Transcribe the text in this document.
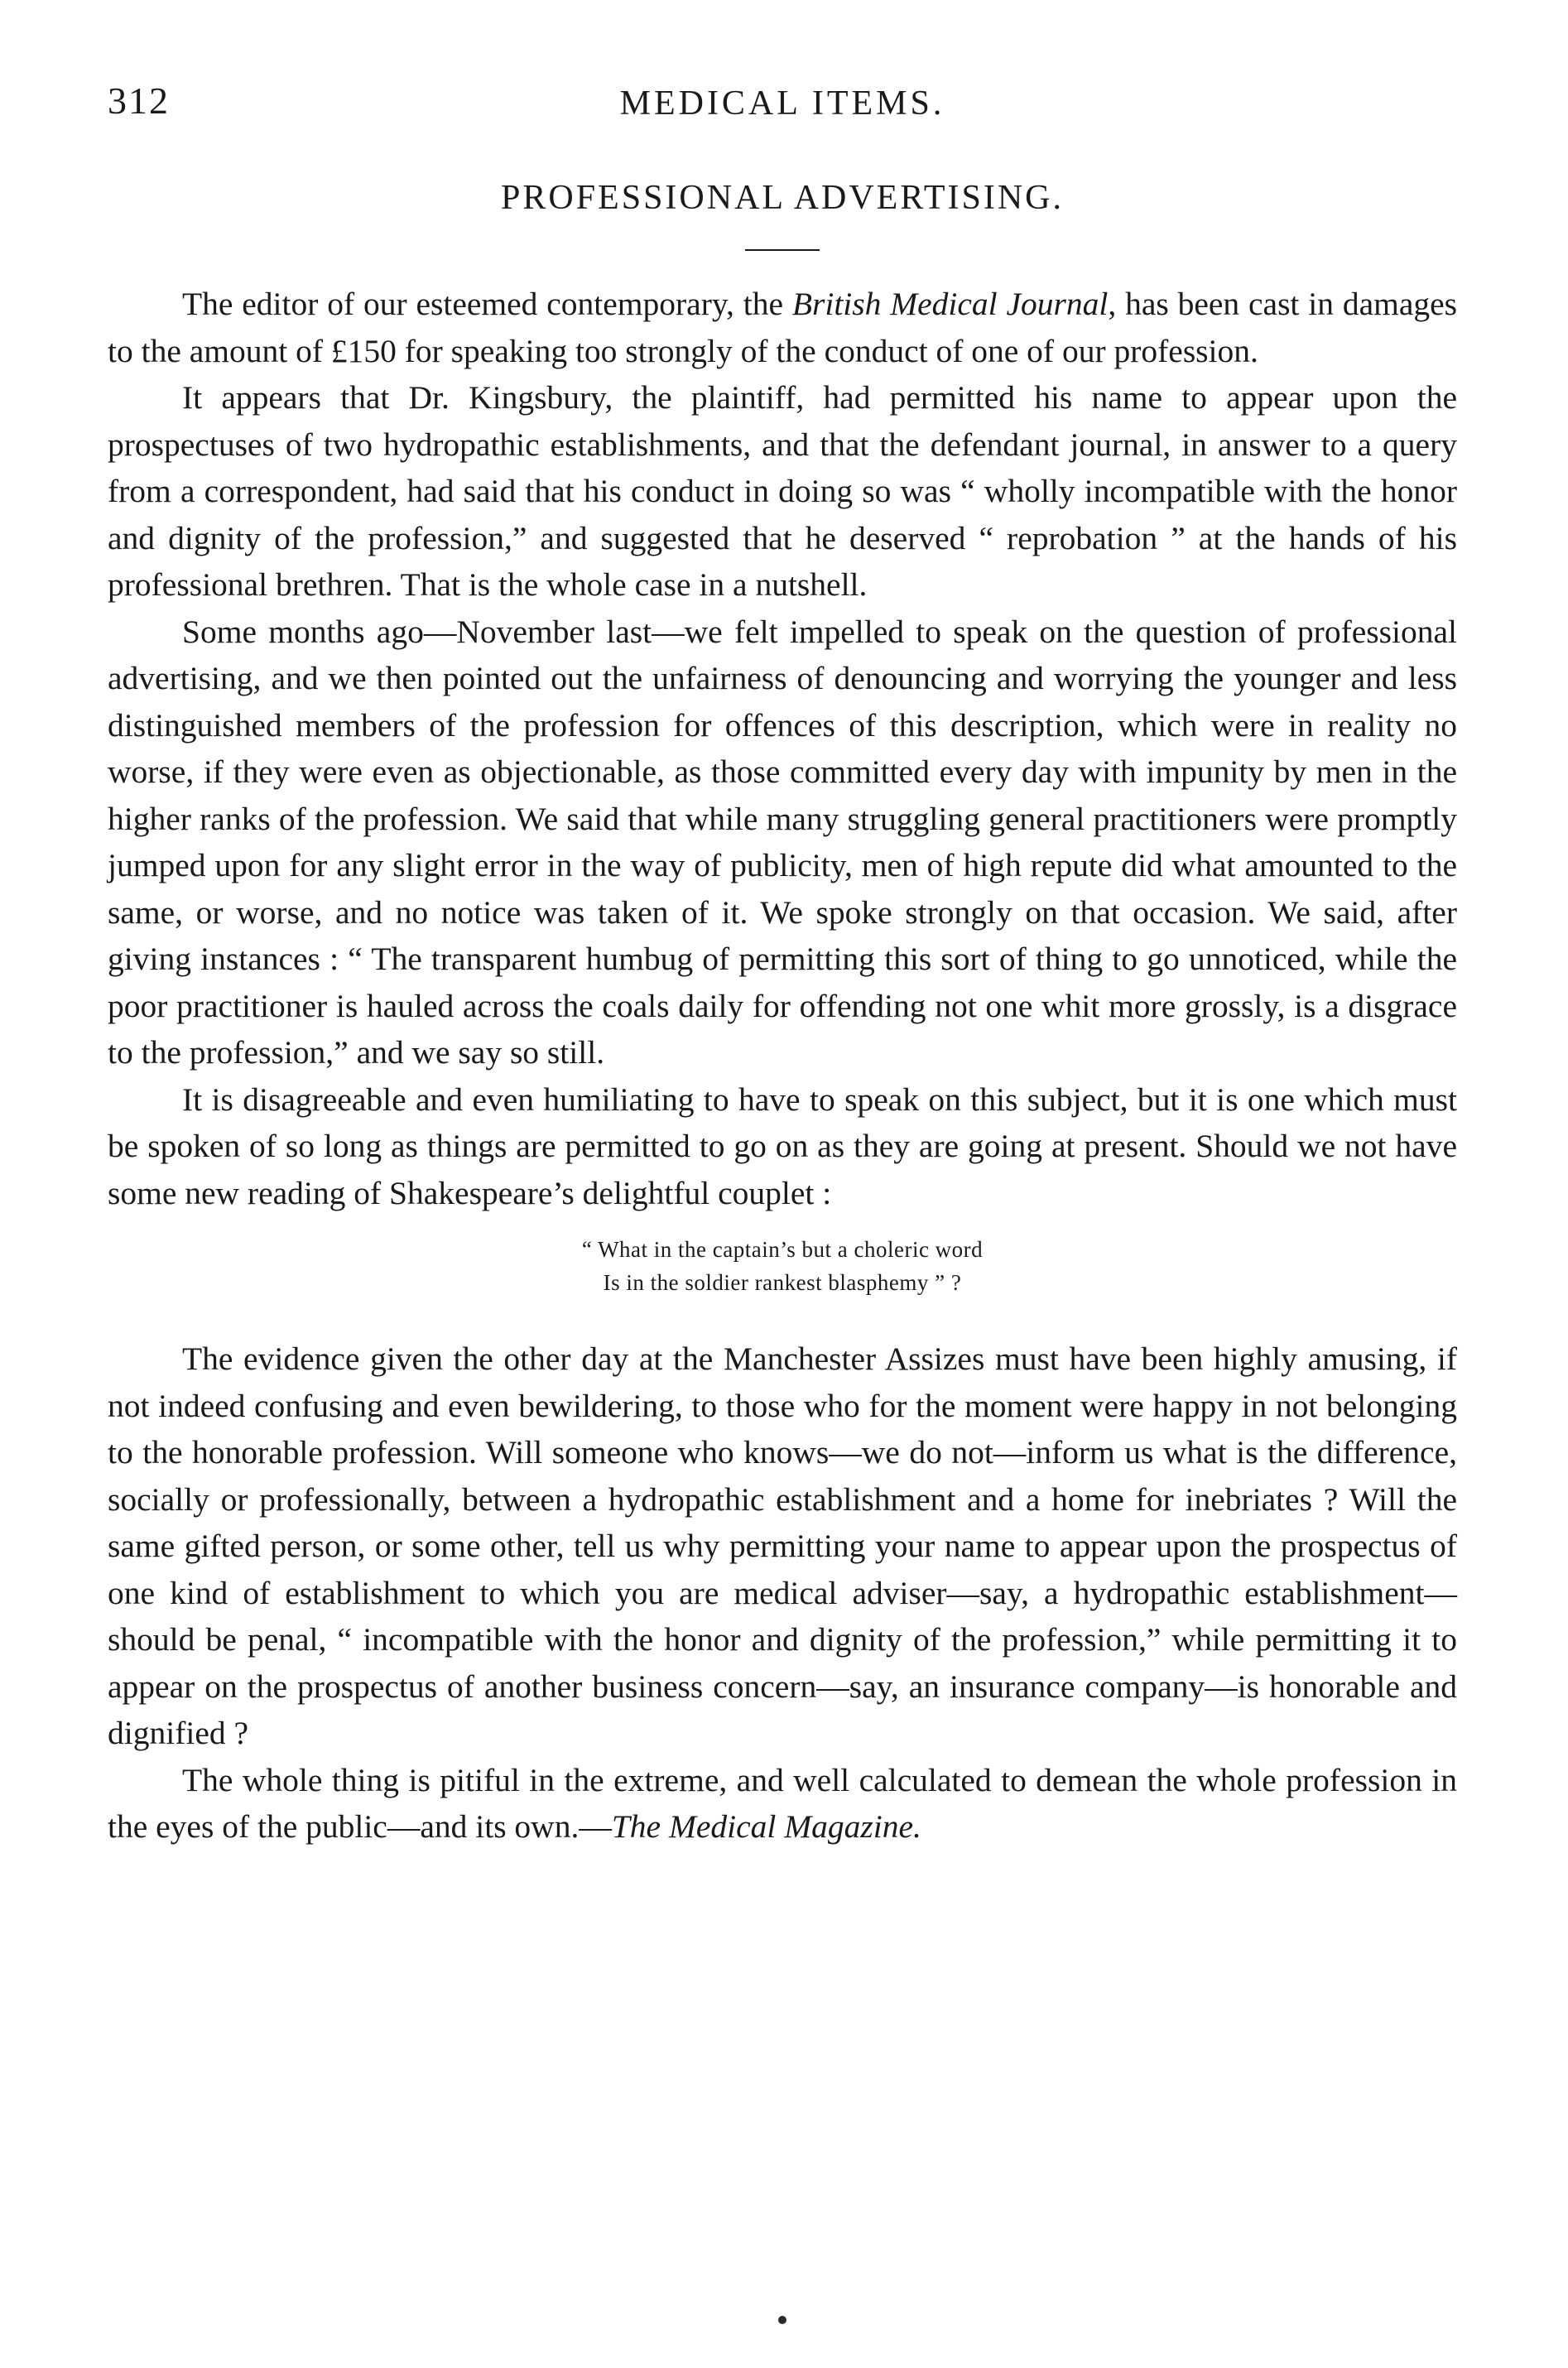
312	MEDICAL ITEMS.
PROFESSIONAL ADVERTISING.

The editor of our esteemed contemporary, the British Medical Journal, has been cast in damages to the amount of £150 for speaking too strongly of the conduct of one of our profession.

It appears that Dr. Kingsbury, the plaintiff, had permitted his name to appear upon the prospectuses of two hydropathic establishments, and that the defendant journal, in answer to a query from a correspondent, had said that his conduct in doing so was “ wholly incompatible with the honor and dignity of the profession,” and suggested that he deserved “ reprobation ” at the hands of his professional brethren. That is the whole case in a nutshell.

Some months ago—November last—we felt impelled to speak on the question of professional advertising, and we then pointed out the unfairness of denouncing and worrying the younger and less distinguished members of the profession for offences of this description, which were in reality no worse, if they were even as objectionable, as those committed every day with impunity by men in the higher ranks of the profession. We said that while many struggling general practitioners were promptly jumped upon for any slight error in the way of publicity, men of high repute did what amounted to the same, or worse, and no notice was taken of it. We spoke strongly on that occasion. We said, after giving instances : “ The transparent humbug of permitting this sort of thing to go unnoticed, while the poor practitioner is hauled across the coals daily for offending not one whit more grossly, is a disgrace to the profession,” and we say so still.

It is disagreeable and even humiliating to have to speak on this subject, but it is one which must be spoken of so long as things are permitted to go on as they are going at present. Should we not have some new reading of Shakespeare’s delightful couplet :

“ What in the captain’s but a choleric word
Is in the soldier rankest blasphemy ” ?

The evidence given the other day at the Manchester Assizes must have been highly amusing, if not indeed confusing and even bewildering, to those who for the moment were happy in not belonging to the honorable profession. Will someone who knows—we do not—inform us what is the difference, socially or professionally, between a hydropathic establishment and a home for inebriates ? Will the same gifted person, or some other, tell us why permitting your name to appear upon the prospectus of one kind of establishment to which you are medical adviser—say, a hydropathic establishment—should be penal, “ incompatible with the honor and dignity of the profession,” while permitting it to appear on the prospectus of another business concern—say, an insurance company—is honorable and dignified ?

The whole thing is pitiful in the extreme, and well calculated to demean the whole profession in the eyes of the public—and its own.—The Medical Magazine.
